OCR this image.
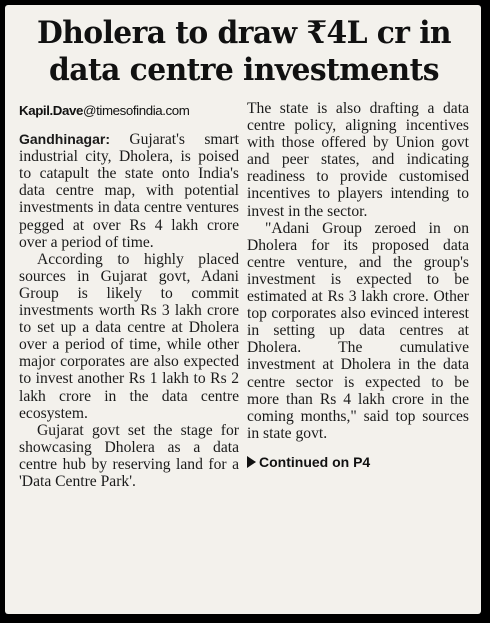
Dholera to draw ₹4L cr in
data centre investments
Kapil.Dave@timesofindia.com

Gandhinagar: Gujarat's smart industrial city, Dholera, is poised to catapult the state onto India's data centre map, with potential investments in data centre ventures pegged at over Rs 4 lakh crore over a period of time.

According to highly placed sources in Gujarat govt, Adani Group is likely to commit investments worth Rs 3 lakh crore to set up a data centre at Dholera over a period of time, while other major corporates are also expected to invest another Rs 1 lakh to Rs 2 lakh crore in the data centre ecosystem.

Gujarat govt set the stage for showcasing Dholera as a data centre hub by reserving land for a 'Data Centre Park'.

The state is also drafting a data centre policy, aligning incentives with those offered by Union govt and peer states, and indicating readiness to provide customised incentives to players intending to invest in the sector.

"Adani Group zeroed in on Dholera for its proposed data centre venture, and the group's investment is expected to be estimated at Rs 3 lakh crore. Other top corporates also evinced interest in setting up data centres at Dholera. The cumulative investment at Dholera in the data centre sector is expected to be more than Rs 4 lakh crore in the coming months," said top sources in state govt.

Continued on P4
